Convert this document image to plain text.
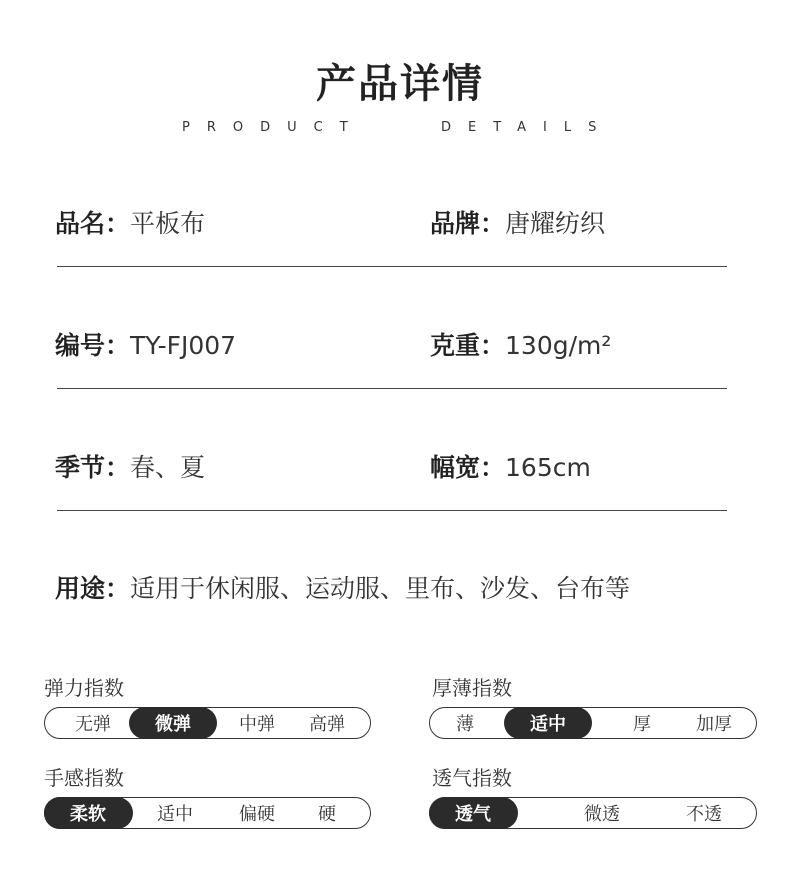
产品详情
PRODUCT	DETAILS
品名：平板布	品牌：唐耀纺织
编号：TY-FJ007	克重：130g/m²
季节：春、夏	幅宽：165cm
用途：适用于休闲服、运动服、里布、沙发、台布等
弹力指数
无弹	微弹	中弹	高弹
厚薄指数
薄	适中	厚	加厚
手感指数
柔软	适中	偏硬	硬
透气指数
透气	微透	不透
